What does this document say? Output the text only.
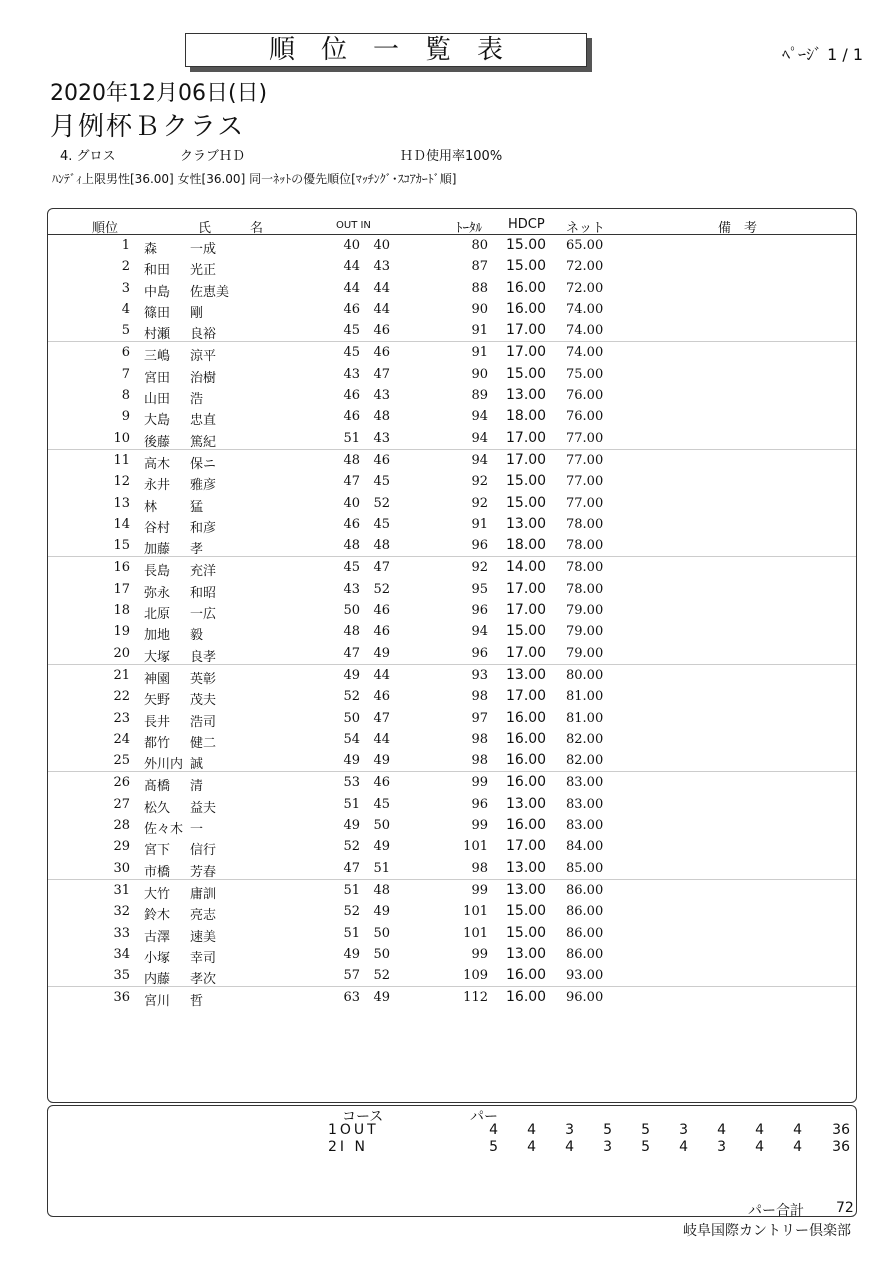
順　位　一　覧　表	ﾍﾟｰｼﾞ 1 / 1
2020年12月06日(日)
月例杯Ｂクラス
4. グロス	クラブＨＤ	ＨＤ使用率100%
ﾊﾝﾃﾞｨ上限男性[36.00] 女性[36.00] 同一ﾈｯﾄの優先順位[ﾏｯﾁﾝｸﾞ･ｽｺｱｶｰﾄﾞ順]
順位	氏　　　名	OUT IN	ﾄｰﾀﾙ HDCP ネット	備　考
1 森	一成	40	40	80 15.00 65.00
2 和田 光正	44	43	87 15.00 72.00
3 中島 佐恵美	44	44	88 16.00 72.00
4 篠田 剛	46	44	90 16.00 74.00
5 村瀬 良裕	45	46	91 17.00 74.00
6 三嶋 涼平	45	46	91 17.00 74.00
7 宮田 治樹	43	47	90 15.00 75.00
8 山田 浩	46	43	89 13.00 76.00
9 大島 忠直	46	48	94 18.00 76.00
10 後藤 篤紀	51	43	94 17.00 77.00
11 高木 保ニ	48	46	94 17.00 77.00
12 永井 雅彦	47	45	92 15.00 77.00
13 林	猛	40	52	92 15.00 77.00
14 谷村 和彦	46	45	91 13.00 78.00
15 加藤 孝	48	48	96 18.00 78.00
16 長島 充洋	45	47	92 14.00 78.00
17 弥永 和昭	43	52	95 17.00 78.00
18 北原 一広	50	46	96 17.00 79.00
19 加地 毅	48	46	94 15.00 79.00
20 大塚 良孝	47	49	96 17.00 79.00
21 神園 英彰	49	44	93 13.00 80.00
22 矢野 茂夫	52	46	98 17.00 81.00
23 長井 浩司	50	47	97 16.00 81.00
24 都竹 健二	54	44	98 16.00 82.00
25 外川内 誠	49	49	98 16.00 82.00
26 髙橋 清	53	46	99 16.00 83.00
27 松久 益夫	51	45	96 13.00 83.00
28 佐々木 一	49	50	99 16.00 83.00
29 宮下 信行	52	49	101 17.00 84.00
30 市橋 芳春	47	51	98 13.00 85.00
31 大竹 庸訓	51	48	99 13.00 86.00
32 鈴木 亮志	52	49	101 15.00 86.00
33 古澤 速美	51	50	101 15.00 86.00
34 小塚 幸司	49	50	99 13.00 86.00
35 内藤 孝次	57	52	109 16.00 93.00
36 宮川 哲	63	49	112 16.00 96.00
コース	パー
1OUT	4	4	3	5	5	3	4	4	4 36
2I N	5	4	4	3	5	4	3	4	4 36
パー合計 72
岐阜国際カントリー倶楽部
